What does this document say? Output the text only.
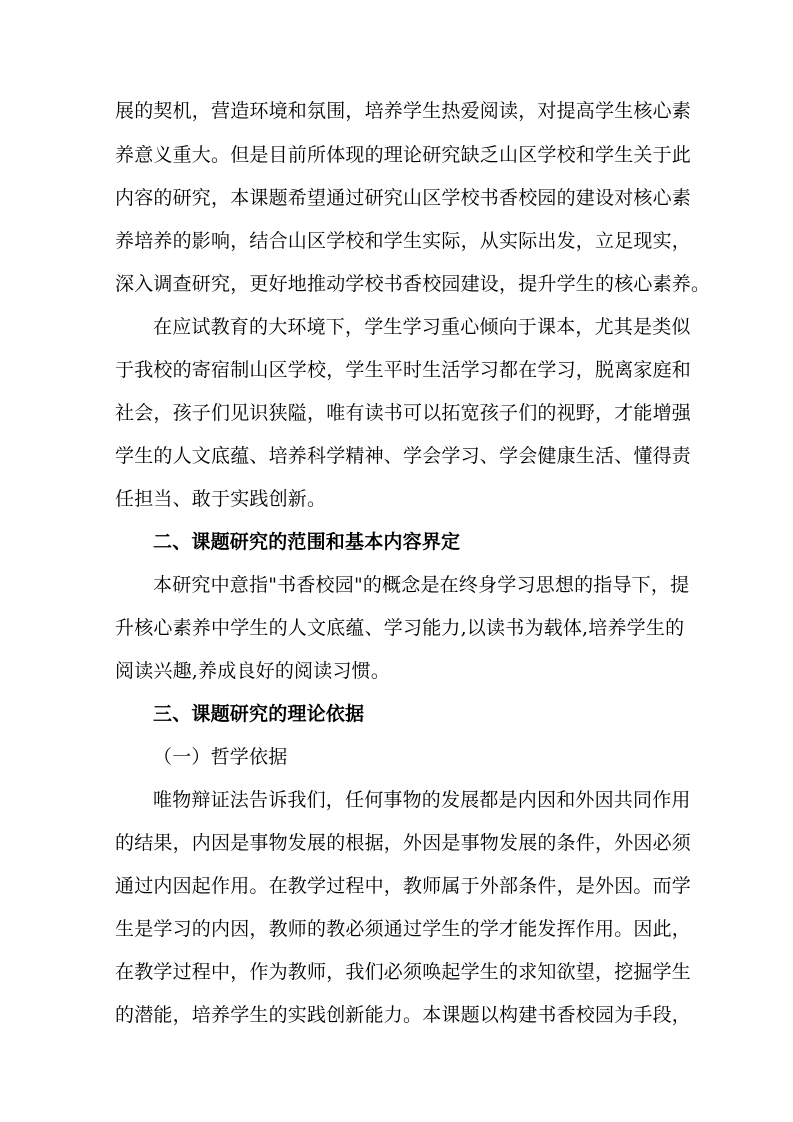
展的契机，营造环境和氛围，培养学生热爱阅读，对提高学生核心素
养意义重大。但是目前所体现的理论研究缺乏山区学校和学生关于此
内容的研究，本课题希望通过研究山区学校书香校园的建设对核心素
养培养的影响，结合山区学校和学生实际，从实际出发，立足现实，
深入调查研究，更好地推动学校书香校园建设，提升学生的核心素养。
在应试教育的大环境下，学生学习重心倾向于课本，尤其是类似
于我校的寄宿制山区学校，学生平时生活学习都在学习，脱离家庭和
社会，孩子们见识狭隘，唯有读书可以拓宽孩子们的视野，才能增强
学生的人文底蕴、培养科学精神、学会学习、学会健康生活、懂得责
任担当、敢于实践创新。
二、课题研究的范围和基本内容界定
本研究中意指"书香校园"的概念是在终身学习思想的指导下，提
升核心素养中学生的人文底蕴、学习能力,以读书为载体,培养学生的
阅读兴趣,养成良好的阅读习惯。
三、课题研究的理论依据
（一）哲学依据
唯物辩证法告诉我们，任何事物的发展都是内因和外因共同作用
的结果，内因是事物发展的根据，外因是事物发展的条件，外因必须
通过内因起作用。在教学过程中，教师属于外部条件，是外因。而学
生是学习的内因，教师的教必须通过学生的学才能发挥作用。因此，
在教学过程中，作为教师，我们必须唤起学生的求知欲望，挖掘学生
的潜能，培养学生的实践创新能力。本课题以构建书香校园为手段，
